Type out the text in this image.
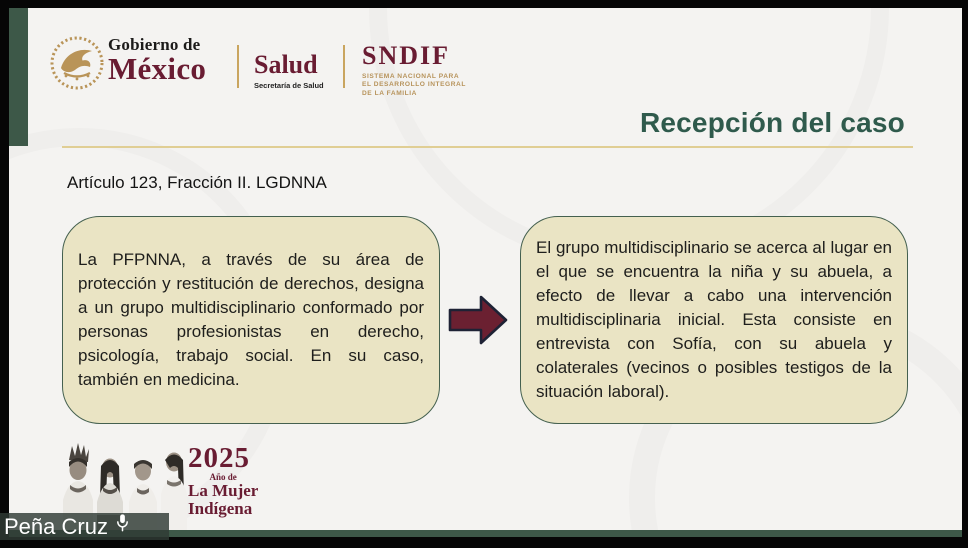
Gobierno de
México Salud
Secretaría de Salud
SNDIF
SISTEMA NACIONAL PARA
EL DESARROLLO INTEGRAL
DE LA FAMILIA
Recepción del caso
Artículo 123, Fracción II. LGDNNA

La PFPNNA, a través de su área de protección y restitución de derechos, designa a un grupo multidisciplinario conformado por personas profesionistas en derecho, psicología, trabajo social. En su caso, también en medicina.

El grupo multidisciplinario se acerca al lugar en el que se encuentra la niña y su abuela, a efecto de llevar a cabo una intervención multidisciplinaria inicial. Esta consiste en entrevista con Sofía, con su abuela y colaterales (vecinos o posibles testigos de la situación laboral).

2025
Año de
La Mujer
Indígena
Peña Cruz
